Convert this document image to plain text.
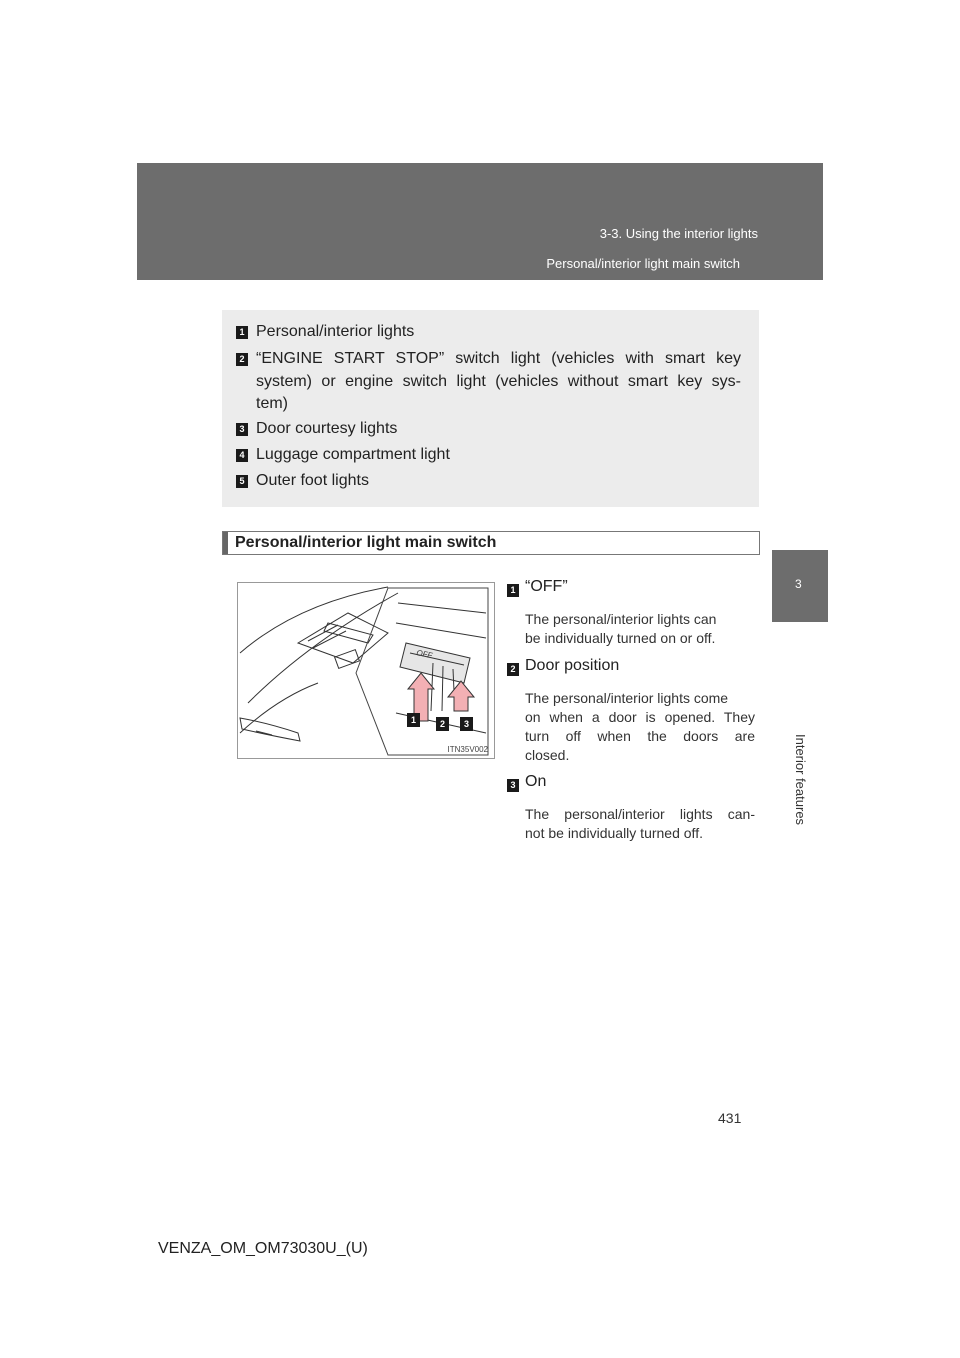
3-3. Using the interior lights
Personal/interior light main switch
3
Interior features
1 Personal/interior lights
2 “ENGINE START STOP” switch light (vehicles with smart key
system) or engine switch light (vehicles without smart key sys-
tem)
3 Door courtesy lights
4 Luggage compartment light
5 Outer foot lights
Personal/interior light main switch
OFF
1	2	3
ITN35V002
1 “OFF”
The personal/interior lights can
be individually turned on or off.
2 Door position
The personal/interior lights come
on when a door is opened. They
turn off when the doors are
closed.
3 On
The personal/interior lights can-
not be individually turned off.
431
VENZA_OM_OM73030U_(U)
